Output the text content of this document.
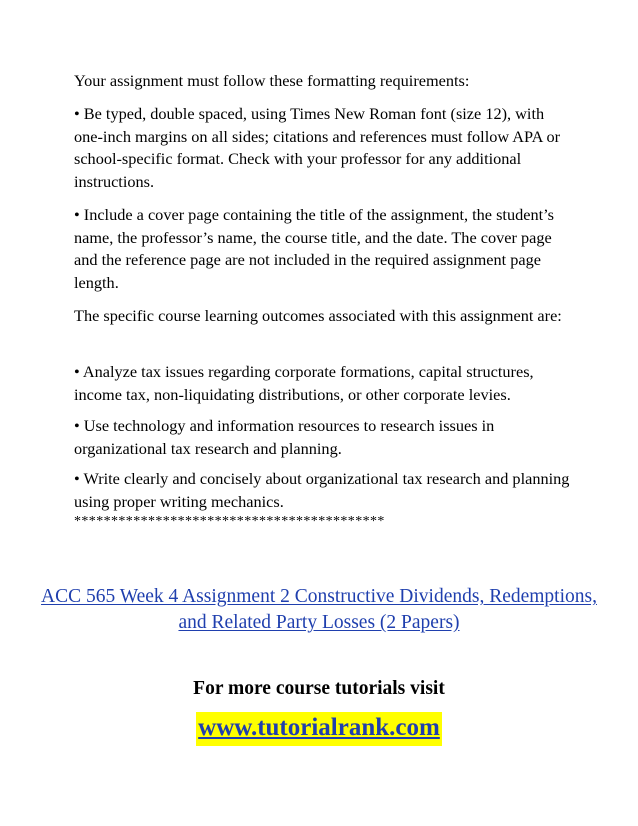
Your assignment must follow these formatting requirements:

• Be typed, double spaced, using Times New Roman font (size 12), with one-inch margins on all sides; citations and references must follow APA or school-specific format. Check with your professor for any additional instructions.

• Include a cover page containing the title of the assignment, the student’s name, the professor’s name, the course title, and the date. The cover page and the reference page are not included in the required assignment page length.

The specific course learning outcomes associated with this assignment are:

• Analyze tax issues regarding corporate formations, capital structures, income tax, non-liquidating distributions, or other corporate levies.

• Use technology and information resources to research issues in organizational tax research and planning.

• Write clearly and concisely about organizational tax research and planning using proper writing mechanics.

******************************************

ACC 565 Week 4 Assignment 2 Constructive Dividends, Redemptions, and Related Party Losses (2 Papers)

For more course tutorials visit

www.tutorialrank.com
